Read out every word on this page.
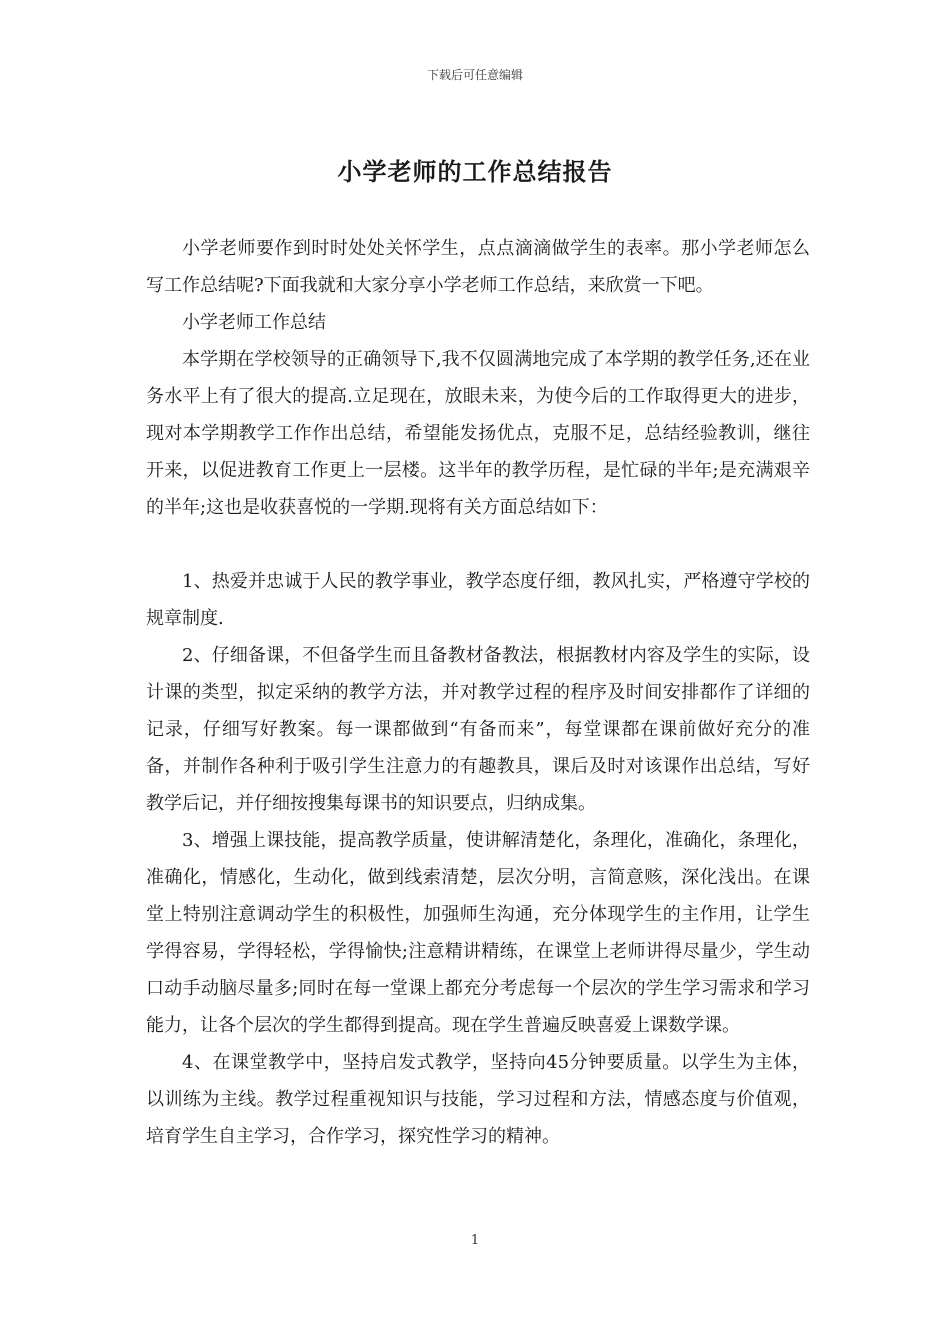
下载后可任意编辑
小学老师的工作总结报告

小学老师要作到时时处处关怀学生，点点滴滴做学生的表率。那小学老师怎么写工作总结呢?下面我就和大家分享小学老师工作总结，来欣赏一下吧。

小学老师工作总结

本学期在学校领导的正确领导下,我不仅圆满地完成了本学期的教学任务,还在业务水平上有了很大的提高.立足现在，放眼未来，为使今后的工作取得更大的进步，现对本学期教学工作作出总结，希望能发扬优点，克服不足，总结经验教训，继往开来，以促进教育工作更上一层楼。这半年的教学历程，是忙碌的半年;是充满艰辛的半年;这也是收获喜悦的一学期.现将有关方面总结如下：

1、热爱并忠诚于人民的教学事业，教学态度仔细，教风扎实，严格遵守学校的规章制度.

2、仔细备课，不但备学生而且备教材备教法，根据教材内容及学生的实际，设计课的类型，拟定采纳的教学方法，并对教学过程的程序及时间安排都作了详细的记录，仔细写好教案。每一课都做到“有备而来”，每堂课都在课前做好充分的准备，并制作各种利于吸引学生注意力的有趣教具，课后及时对该课作出总结，写好教学后记，并仔细按搜集每课书的知识要点，归纳成集。

3、增强上课技能，提高教学质量，使讲解清楚化，条理化，准确化，条理化，准确化，情感化，生动化，做到线索清楚，层次分明，言简意赅，深化浅出。在课堂上特别注意调动学生的积极性，加强师生沟通，充分体现学生的主作用，让学生学得容易，学得轻松，学得愉快;注意精讲精练，在课堂上老师讲得尽量少，学生动口动手动脑尽量多;同时在每一堂课上都充分考虑每一个层次的学生学习需求和学习能力，让各个层次的学生都得到提高。现在学生普遍反映喜爱上课数学课。

4、在课堂教学中，坚持启发式教学，坚持向45分钟要质量。以学生为主体，以训练为主线。教学过程重视知识与技能，学习过程和方法，情感态度与价值观，培育学生自主学习，合作学习，探究性学习的精神。

1
